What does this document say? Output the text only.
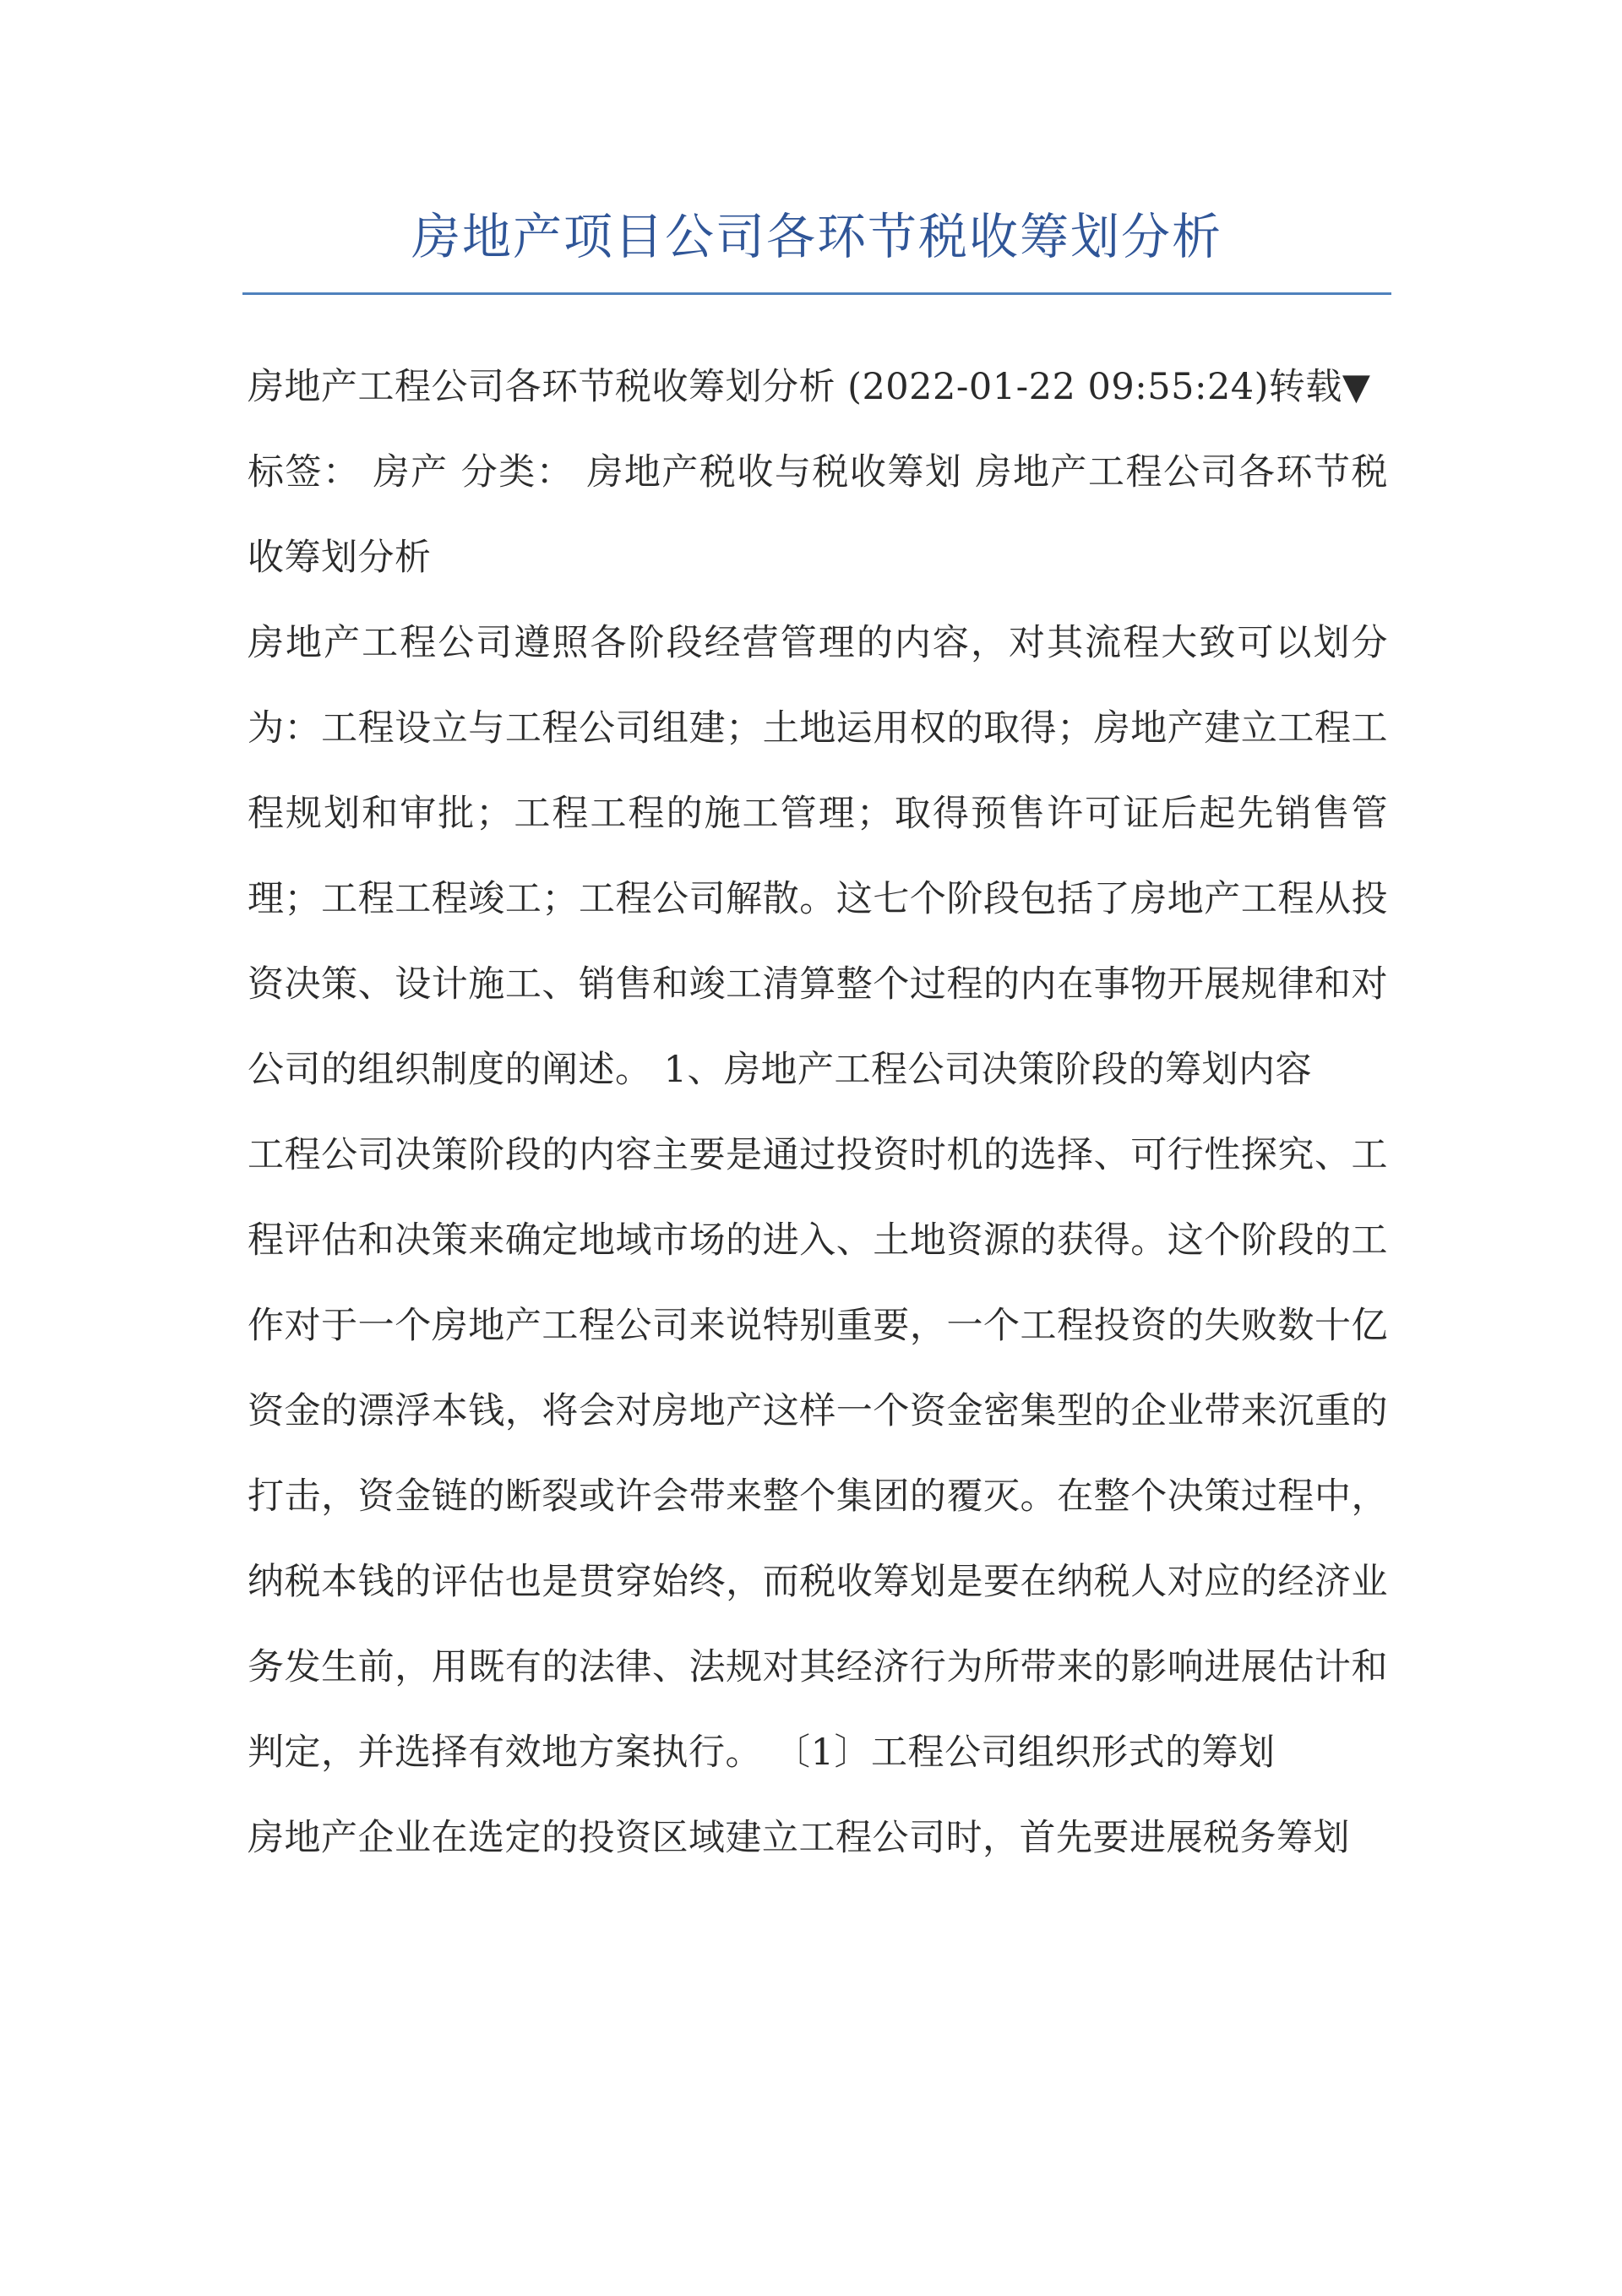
房地产项目公司各环节税收筹划分析

房地产工程公司各环节税收筹划分析 (2022-01-22 09:55:24)转载▼

标签： 房产 分类： 房地产税收与税收筹划 房地产工程公司各环节税收筹划分析

房地产工程公司遵照各阶段经营管理的内容，对其流程大致可以划分为：工程设立与工程公司组建；土地运用权的取得；房地产建立工程工程规划和审批；工程工程的施工管理；取得预售许可证后起先销售管理；工程工程竣工；工程公司解散。这七个阶段包括了房地产工程从投资决策、设计施工、销售和竣工清算整个过程的内在事物开展规律和对公司的组织制度的阐述。 1、房地产工程公司决策阶段的筹划内容

工程公司决策阶段的内容主要是通过投资时机的选择、可行性探究、工程评估和决策来确定地域市场的进入、土地资源的获得。这个阶段的工作对于一个房地产工程公司来说特别重要，一个工程投资的失败数十亿资金的漂浮本钱，将会对房地产这样一个资金密集型的企业带来沉重的打击，资金链的断裂或许会带来整个集团的覆灭。在整个决策过程中，纳税本钱的评估也是贯穿始终，而税收筹划是要在纳税人对应的经济业务发生前，用既有的法律、法规对其经济行为所带来的影响进展估计和判定，并选择有效地方案执行。 〔1〕工程公司组织形式的筹划

房地产企业在选定的投资区域建立工程公司时，首先要进展税务筹划
